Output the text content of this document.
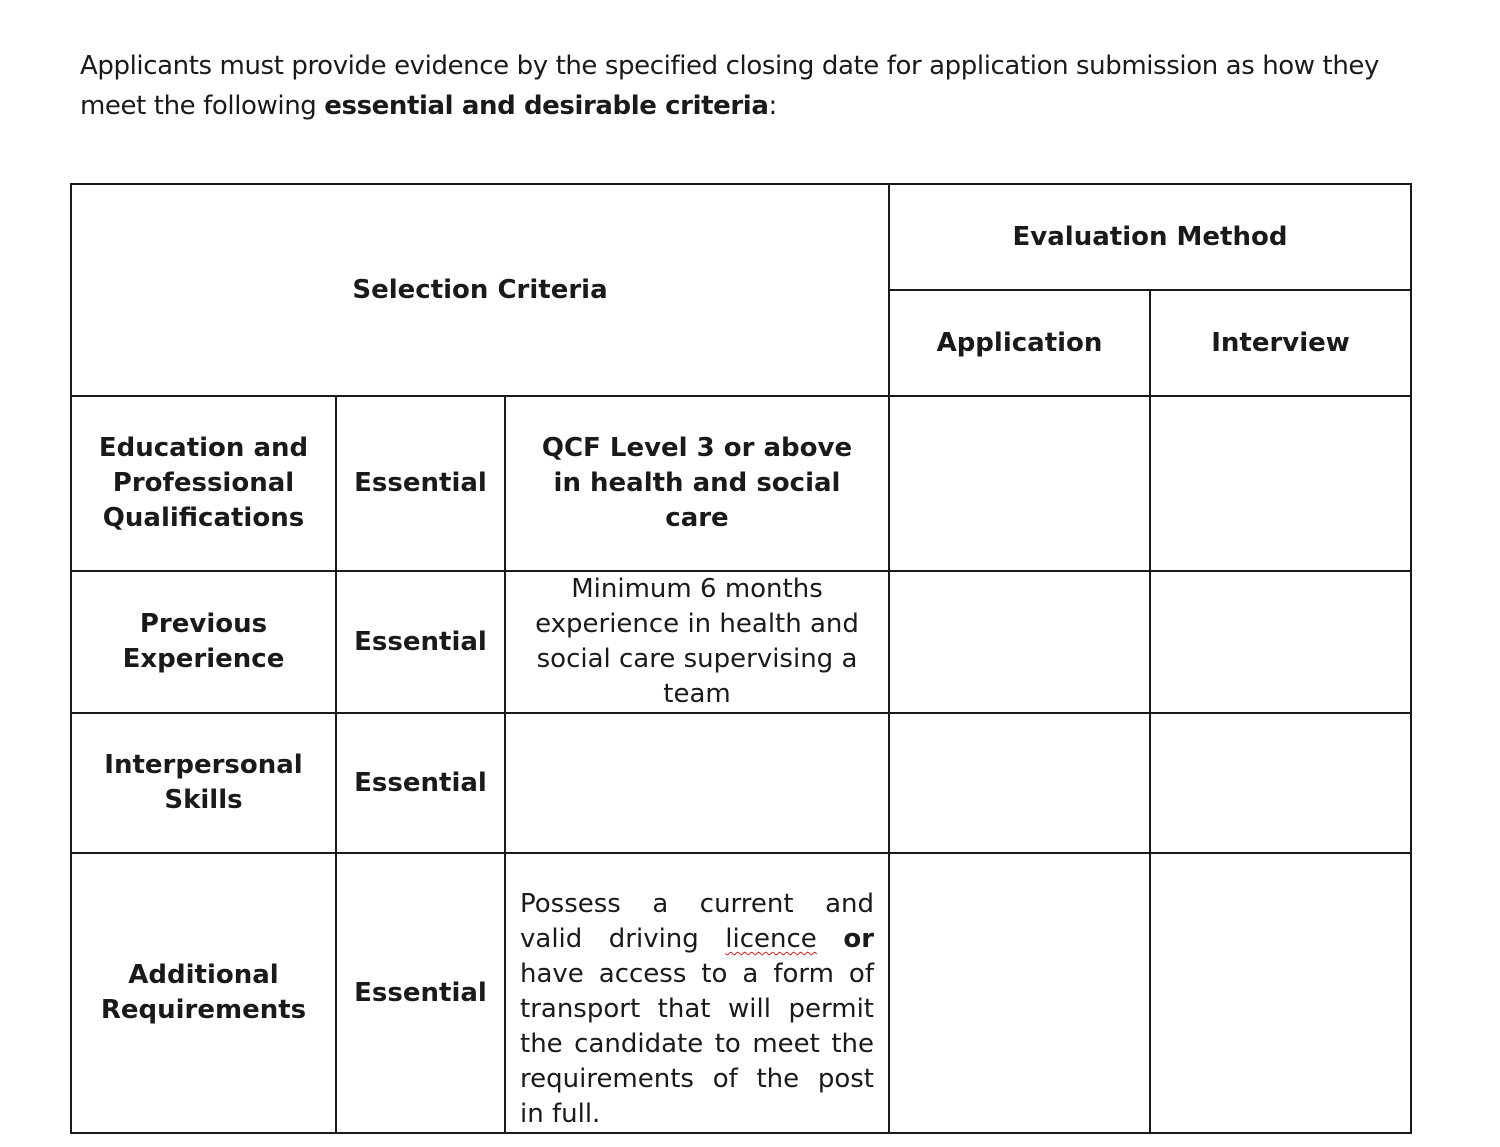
Applicants must provide evidence by the specified closing date for application submission as how they meet the following essential and desirable criteria:

Selection Criteria			Evaluation Method	
			Application	Interview
Education and Professional Qualifications	Essential	QCF Level 3 or above in health and social care		
Previous Experience	Essential	Minimum 6 months experience in health and social care supervising a team		
Interpersonal Skills	Essential			
Additional Requirements	Essential	Possess a current and valid driving licence or have access to a form of transport that will permit the candidate to meet the requirements of the post in full.		
